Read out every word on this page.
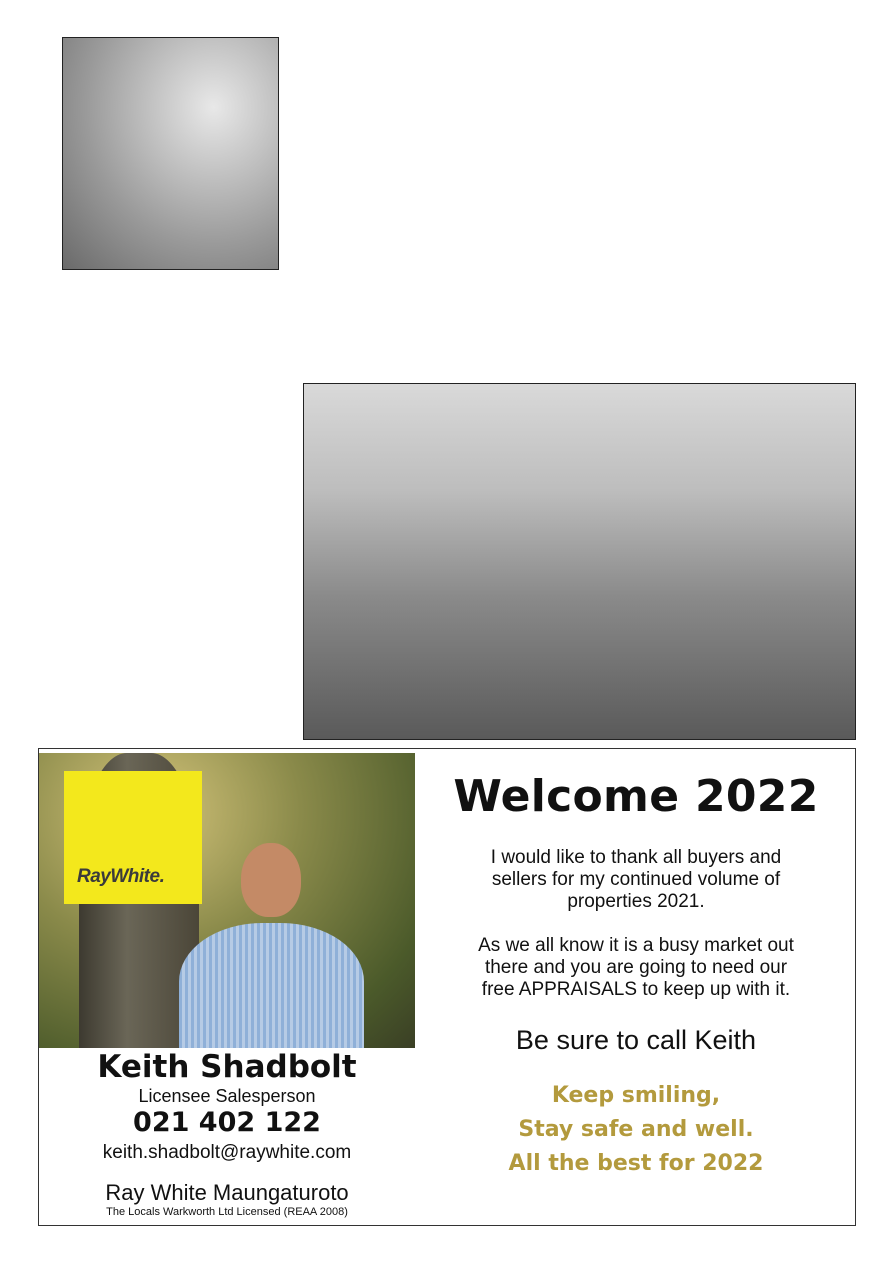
RayWhite.
Keith Shadbolt
Licensee Salesperson
021 402 122
keith.shadbolt@raywhite.com
Ray White Maungaturoto
The Locals Warkworth Ltd Licensed (REAA 2008)
Welcome 2022
I would like to thank all buyers and
sellers for my continued volume of
properties 2021.
As we all know it is a busy market out
there and you are going to need our
free APPRAISALS to keep up with it.
Be sure to call Keith
Keep smiling,
Stay safe and well.
All the best for 2022
